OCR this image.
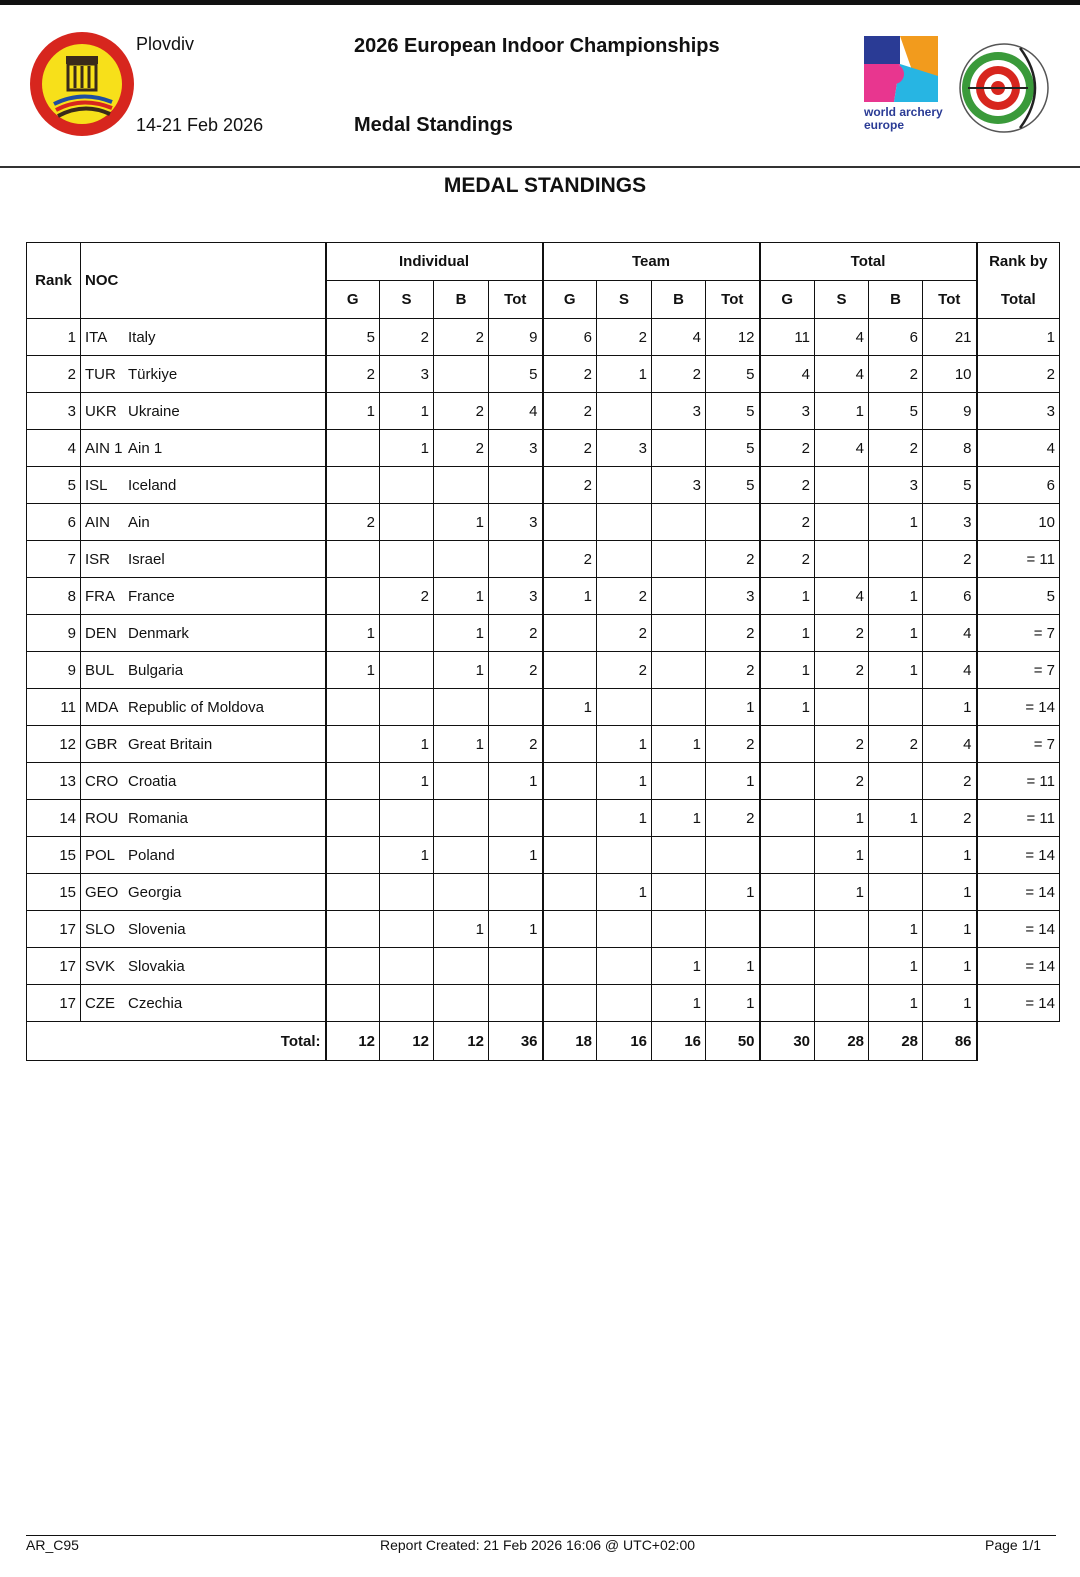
Plovdiv
14-21 Feb 2026
2026 European Indoor Championships
Medal Standings
world archery
europe
MEDAL STANDINGS
Rank	NOC	Individual				Team				Total				Rank by
		G	S	B	Tot	G	S	B	Tot	G	S	B	Tot	Total
1	ITA Italy	5	2	2	9	6	2	4	12	11	4	6	21	1
2	TUR Türkiye	2	3		5	2	1	2	5	4	4	2	10	2
3	UKR Ukraine	1	1	2	4	2		3	5	3	1	5	9	3
4	AIN 1 Ain 1		1	2	3	2	3		5	2	4	2	8	4
5	ISL Iceland					2		3	5	2		3	5	6
6	AIN Ain	2		1	3					2		1	3	10
7	ISR Israel					2			2	2			2	= 11
8	FRA France		2	1	3	1	2		3	1	4	1	6	5
9	DEN Denmark	1		1	2		2		2	1	2	1	4	= 7
9	BUL Bulgaria	1		1	2		2		2	1	2	1	4	= 7
11	MDA Republic of Moldova					1			1	1			1	= 14
12	GBR Great Britain		1	1	2		1	1	2		2	2	4	= 7
13	CRO Croatia		1		1		1		1		2		2	= 11
14	ROU Romania						1	1	2		1	1	2	= 11
15	POL Poland		1		1						1		1	= 14
15	GEO Georgia						1		1		1		1	= 14
17	SLO Slovenia			1	1							1	1	= 14
17	SVK Slovakia							1	1			1	1	= 14
17	CZE Czechia							1	1			1	1	= 14
Total:		12	12	12	36	18	16	16	50	30	28	28	86	
AR_C95	Report Created: 21 Feb 2026 16:06 @ UTC+02:00	Page 1/1
